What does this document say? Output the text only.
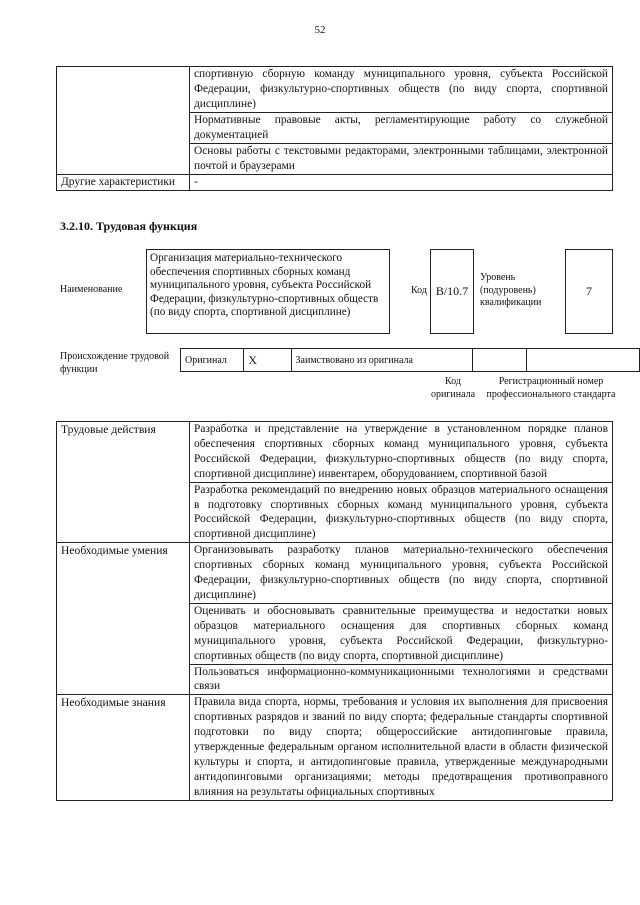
52
	спортивную сборную команду муниципального уровня, субъекта Российской Федерации, физкультурно-спортивных обществ (по виду спорта, спортивной дисциплине)
	Нормативные правовые акты, регламентирующие работу со служебной документацией
	Основы работы с текстовыми редакторами, электронными таблицами, электронной почтой и браузерами
Другие характеристики	-
3.2.10. Трудовая функция
Наименование
Организация материально-технического обеспечения спортивных сборных команд муниципального уровня, субъекта Российской Федерации, физкультурно-спортивных обществ (по виду спорта, спортивной дисциплине)
Код B/10.7
Уровень (подуровень) квалификации
7
Происхождение трудовой функции
Оригинал	X	Заимствовано из оригинала		
Код оригинала
Регистрационный номер профессионального стандарта
Трудовые действия	Разработка и представление на утверждение в установленном порядке планов обеспечения спортивных сборных команд муниципального уровня, субъекта Российской Федерации, физкультурно-спортивных обществ (по виду спорта, спортивной дисциплине) инвентарем, оборудованием, спортивной базой
	Разработка рекомендаций по внедрению новых образцов материального оснащения в подготовку спортивных сборных команд муниципального уровня, субъекта Российской Федерации, физкультурно-спортивных обществ (по виду спорта, спортивной дисциплине)
Необходимые умения	Организовывать разработку планов материально-технического обеспечения спортивных сборных команд муниципального уровня, субъекта Российской Федерации, физкультурно-спортивных обществ (по виду спорта, спортивной дисциплине)
	Оценивать и обосновывать сравнительные преимущества и недостатки новых образцов материального оснащения для спортивных сборных команд муниципального уровня, субъекта Российской Федерации, физкультурно-спортивных обществ (по виду спорта, спортивной дисциплине)
	Пользоваться информационно-коммуникационными технологиями и средствами связи
Необходимые знания	Правила вида спорта, нормы, требования и условия их выполнения для присвоения спортивных разрядов и званий по виду спорта; федеральные стандарты спортивной подготовки по виду спорта; общероссийские антидопинговые правила, утвержденные федеральным органом исполнительной власти в области физической культуры и спорта, и антидопинговые правила, утвержденные международными антидопинговыми организациями; методы предотвращения противоправного влияния на результаты официальных спортивных
